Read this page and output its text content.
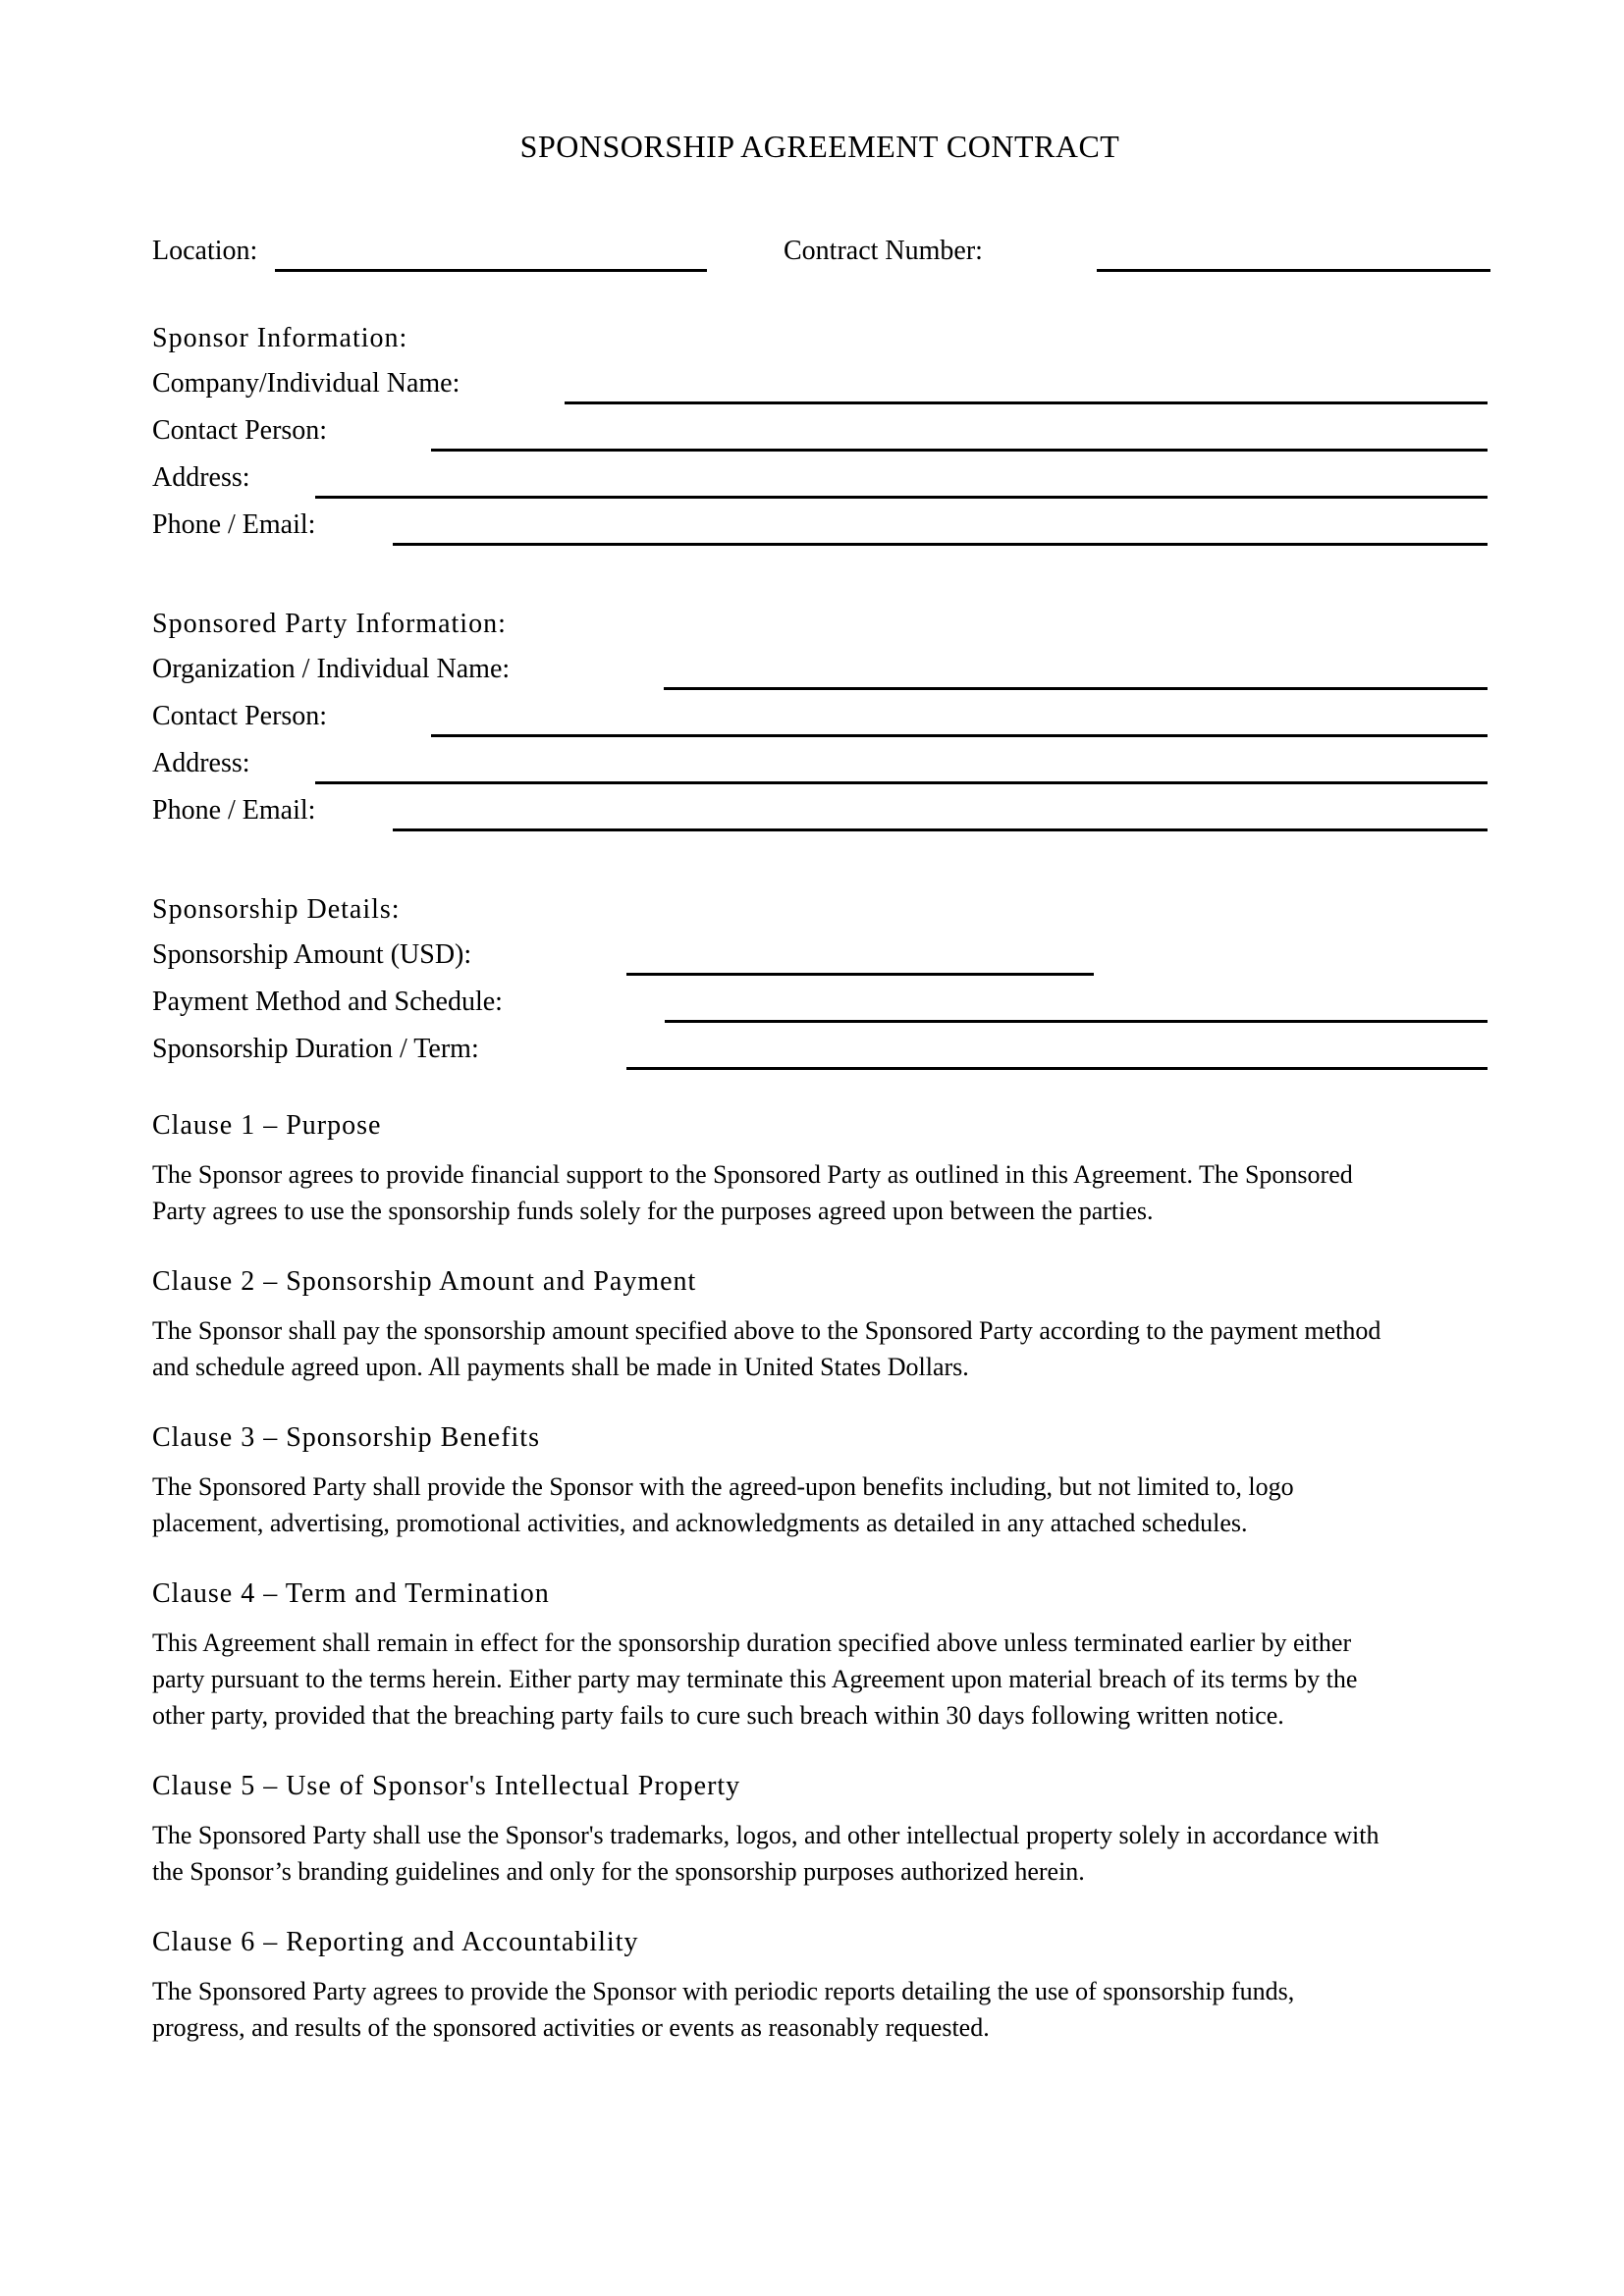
SPONSORSHIP AGREEMENT CONTRACT
Location:	Contract Number:
Sponsor Information:
Company/Individual Name:
Contact Person:
Address:
Phone / Email:
Sponsored Party Information:
Organization / Individual Name:
Contact Person:
Address:
Phone / Email:
Sponsorship Details:
Sponsorship Amount (USD):
Payment Method and Schedule:
Sponsorship Duration / Term:
Clause 1 – Purpose
The Sponsor agrees to provide financial support to the Sponsored Party as outlined in this Agreement. The Sponsored
Party agrees to use the sponsorship funds solely for the purposes agreed upon between the parties.
Clause 2 – Sponsorship Amount and Payment
The Sponsor shall pay the sponsorship amount specified above to the Sponsored Party according to the payment method
and schedule agreed upon. All payments shall be made in United States Dollars.
Clause 3 – Sponsorship Benefits
The Sponsored Party shall provide the Sponsor with the agreed-upon benefits including, but not limited to, logo
placement, advertising, promotional activities, and acknowledgments as detailed in any attached schedules.
Clause 4 – Term and Termination
This Agreement shall remain in effect for the sponsorship duration specified above unless terminated earlier by either
party pursuant to the terms herein. Either party may terminate this Agreement upon material breach of its terms by the
other party, provided that the breaching party fails to cure such breach within 30 days following written notice.
Clause 5 – Use of Sponsor's Intellectual Property
The Sponsored Party shall use the Sponsor's trademarks, logos, and other intellectual property solely in accordance with
the Sponsor’s branding guidelines and only for the sponsorship purposes authorized herein.
Clause 6 – Reporting and Accountability
The Sponsored Party agrees to provide the Sponsor with periodic reports detailing the use of sponsorship funds,
progress, and results of the sponsored activities or events as reasonably requested.
